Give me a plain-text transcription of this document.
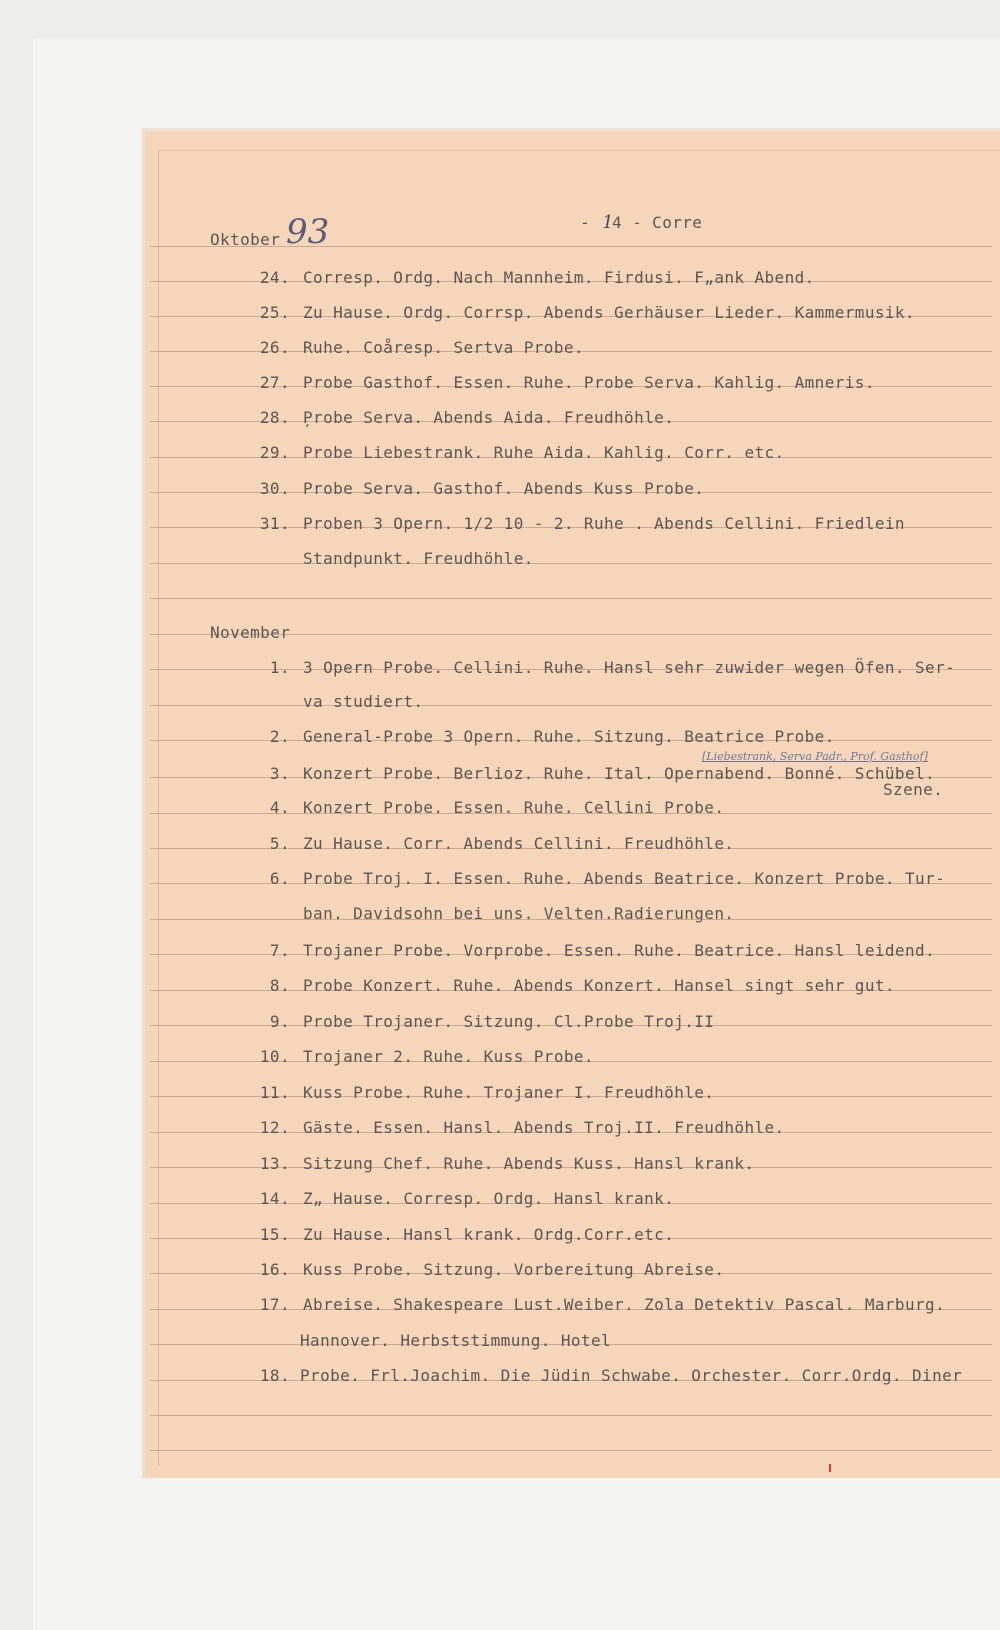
- 14 - Corre

Oktober 93
24. Corresp. Ordg. Nach Mannheim. Firdusi. F„ank Abend.
25. Zu Hause. Ordg. Corrsp. Abends Gerhäuser Lieder. Kammermusik.
26. Ruhe. Coåresp. Sertva Probe.
27. Probe Gasthof. Essen. Ruhe. Probe Serva. Kahlig. Amneris.
28. P̦robe Serva. Abends Aida. Freudhöhle.
29. Probe Liebestrank. Ruhe Aida. Kahlig. Corr. etc.
30. Probe Serva. Gasthof. Abends Kuss Probe.
31. Proben 3 Opern. 1/2 10 - 2. Ruhe . Abends Cellini. Friedlein
Standpunkt. Freudhöhle.
November
1. 3 Opern Probe. Cellini. Ruhe. Hansl sehr zuwider wegen Öfen. Ser-
va studiert.
2. General-Probe 3 Opern. Ruhe. Sitzung. Beatrice Probe.
3. Konzert Probe. Berlioz. Ruhe. Ital. Opernabend. Bonné. Schübel.
Szene.
4. Konzert Probe. Essen. Ruhe. Cellini Probe.
5. Zu Hause. Corr. Abends Cellini. Freudhöhle.
6. Probe Troj. I. Essen. Ruhe. Abends Beatrice. Konzert Probe. Tur-
ban. Davidsohn bei uns. Velten.Radierungen.
7. Trojaner Probe. Vorprobe. Essen. Ruhe. Beatrice. Hansl leidend.
8. Probe Konzert. Ruhe. Abends Konzert. Hansel singt sehr gut.
9. Probe Trojaner. Sitzung. Cl.Probe Troj.II
10. Trojaner 2. Ruhe. Kuss Probe.
11. Kuss Probe. Ruhe. Trojaner I. Freudhöhle.
12. Gäste. Essen. Hansl. Abends Troj.II. Freudhöhle.
13. Sitzung Chef. Ruhe. Abends Kuss. Hansl krank.
14. Z„ Hause. Corresp. Ordg. Hansl krank.
15. Zu Hause. Hansl krank. Ordg.Corr.etc.
16. Kuss Probe. Sitzung. Vorbereitung Abreise.
17. Abreise. Shakespeare Lust.Weiber. Zola Detektiv Pascal. Marburg.
Hannover. Herbststimmung. Hotel
18. Probe. Frl.Joachim. Die Jüdin Schwabe. Orchester. Corr.Ordg. Diner
[Liebestrank, Serva Padr., Prof. Gasthof]
